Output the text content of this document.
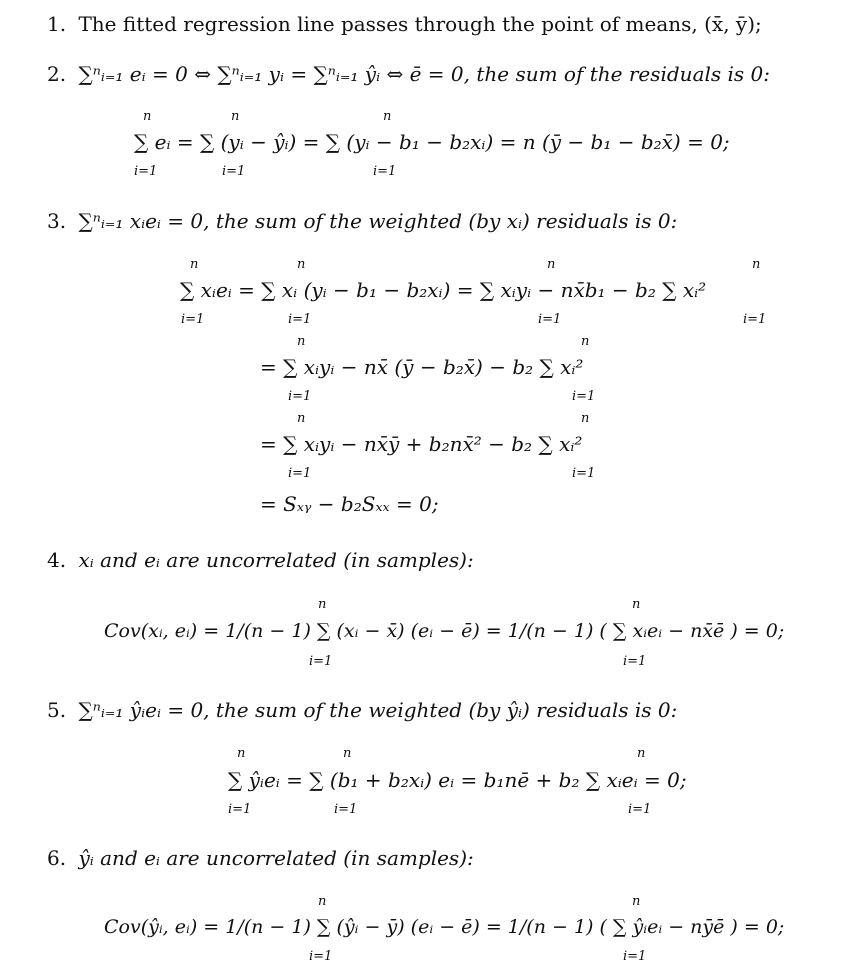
1. The fitted regression line passes through the point of means, (x̄, ȳ);
2. ∑ⁿᵢ₌₁ eᵢ = 0 ⇔ ∑ⁿᵢ₌₁ yᵢ = ∑ⁿᵢ₌₁ ŷᵢ ⇔ ē = 0, the sum of the residuals is 0:
n	n	n
∑ eᵢ = ∑ (yᵢ − ŷᵢ) = ∑ (yᵢ − b₁ − b₂xᵢ) = n (ȳ − b₁ − b₂x̄) = 0;
i=1	i=1	i=1
3. ∑ⁿᵢ₌₁ xᵢeᵢ = 0, the sum of the weighted (by xᵢ) residuals is 0:
n	n	n	n
∑ xᵢeᵢ = ∑ xᵢ (yᵢ − b₁ − b₂xᵢ) = ∑ xᵢyᵢ − nx̄b₁ − b₂ ∑ xᵢ²
i=1	i=1	i=1	i=1
n	n
= ∑ xᵢyᵢ − nx̄ (ȳ − b₂x̄) − b₂ ∑ xᵢ²
i=1	i=1
n	n
= ∑ xᵢyᵢ − nx̄ȳ + b₂nx̄² − b₂ ∑ xᵢ²
i=1	i=1
= Sₓᵧ − b₂Sₓₓ = 0;
4. xᵢ and eᵢ are uncorrelated (in samples):
n	n
Cov(xᵢ, eᵢ) = 1/(n − 1) ∑ (xᵢ − x̄) (eᵢ − ē) = 1/(n − 1) ( ∑ xᵢeᵢ − nx̄ē ) = 0;
i=1	i=1
5. ∑ⁿᵢ₌₁ ŷᵢeᵢ = 0, the sum of the weighted (by ŷᵢ) residuals is 0:
n	n	n
∑ ŷᵢeᵢ = ∑ (b₁ + b₂xᵢ) eᵢ = b₁nē + b₂ ∑ xᵢeᵢ = 0;
i=1	i=1	i=1
6. ŷᵢ and eᵢ are uncorrelated (in samples):
n	n
Cov(ŷᵢ, eᵢ) = 1/(n − 1) ∑ (ŷᵢ − ȳ) (eᵢ − ē) = 1/(n − 1) ( ∑ ŷᵢeᵢ − nȳē ) = 0;
i=1	i=1
